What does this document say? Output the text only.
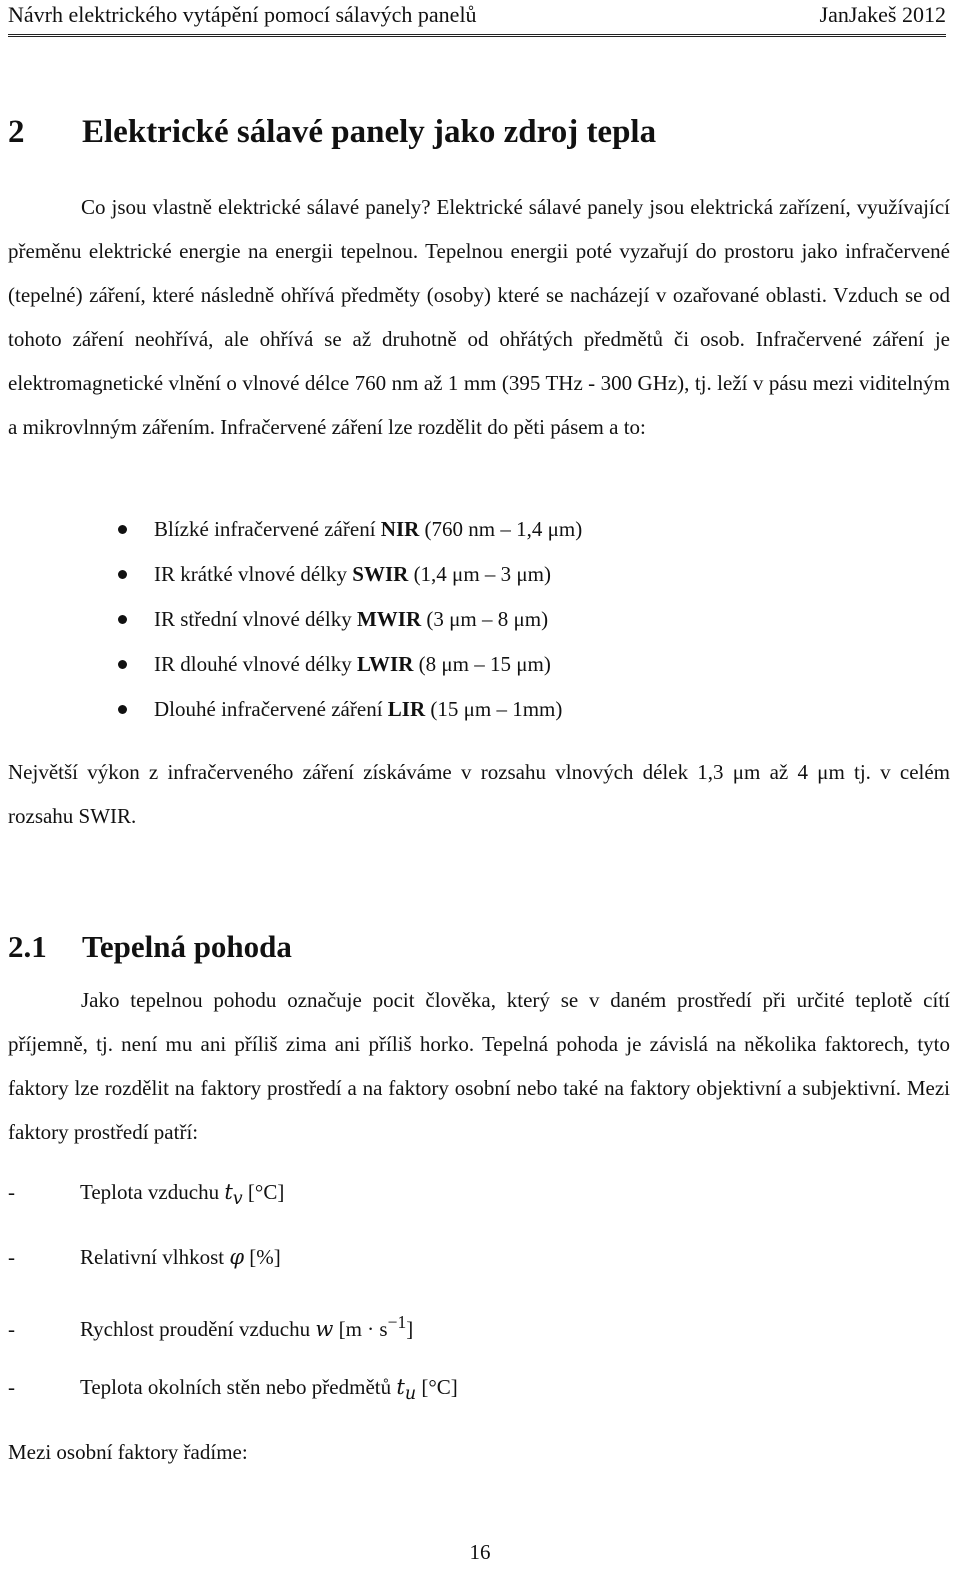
Návrh elektrického vytápění pomocí sálavých panelů	JanJakeš 2012
2 Elektrické sálavé panely jako zdroj tepla
Co jsou vlastně elektrické sálavé panely? Elektrické sálavé panely jsou elektrická zařízení, využívající přeměnu elektrické energie na energii tepelnou. Tepelnou energii poté vyzařují do prostoru jako infračervené (tepelné) záření, které následně ohřívá předměty (osoby) které se nacházejí v ozařované oblasti. Vzduch se od tohoto záření neohřívá, ale ohřívá se až druhotně od ohřátých předmětů či osob. Infračervené záření je elektromagnetické vlnění o vlnové délce 760 nm až 1 mm (395 THz - 300 GHz), tj. leží v pásu mezi viditelným a mikrovlnným zářením. Infračervené záření lze rozdělit do pěti pásem a to:
Blízké infračervené záření NIR (760 nm – 1,4 μm)
IR krátké vlnové délky SWIR (1,4 μm – 3 μm)
IR střední vlnové délky MWIR (3 μm – 8 μm)
IR dlouhé vlnové délky LWIR (8 μm – 15 μm)
Dlouhé infračervené záření LIR (15 μm – 1mm)
Největší výkon z infračerveného záření získáváme v rozsahu vlnových délek 1,3 μm až 4 μm tj. v celém rozsahu SWIR.
2.1 Tepelná pohoda
Jako tepelnou pohodu označuje pocit člověka, který se v daném prostředí při určité teplotě cítí příjemně, tj. není mu ani příliš zima ani příliš horko. Tepelná pohoda je závislá na několika faktorech, tyto faktory lze rozdělit na faktory prostředí a na faktory osobní nebo také na faktory objektivní a subjektivní. Mezi faktory prostředí patří:
-	Teplota vzduchu $t_v$ [°C]
-	Relativní vlhkost φ [%]
-	Rychlost proudění vzduchu w $[m \cdot s^{-1}]$
-	Teplota okolních stěn nebo předmětů $t_u$ [°C]
Mezi osobní faktory řadíme:
16
